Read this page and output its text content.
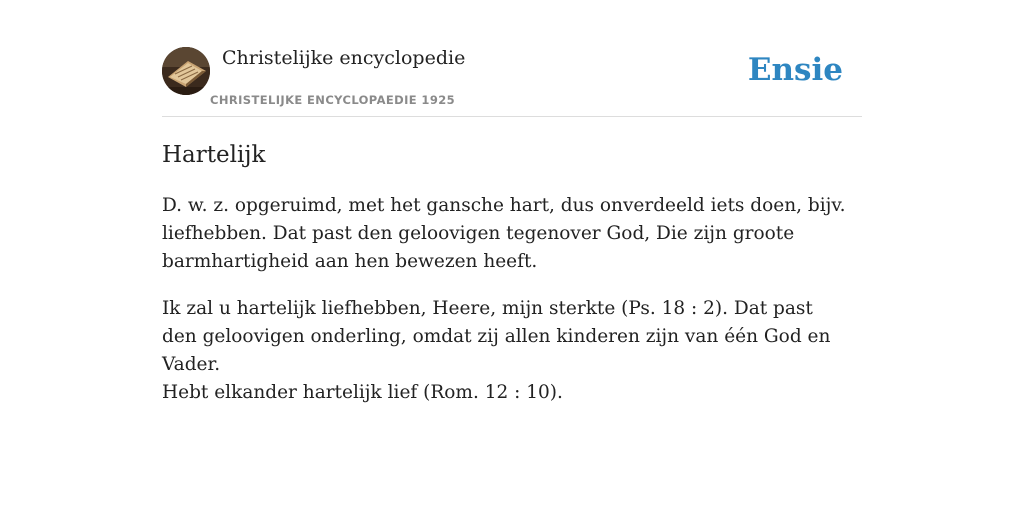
Christelijke encyclopedie
CHRISTELIJKE ENCYCLOPAEDIE 1925
Ensie
Hartelijk

D. w. z. opgeruimd, met het gansche hart, dus onverdeeld iets doen, bijv. liefhebben. Dat past den geloovigen tegenover God, Die zijn groote barmhartigheid aan hen bewezen heeft.

Ik zal u hartelijk liefhebben, Heere, mijn sterkte (Ps. 18 : 2). Dat past den geloovigen onderling, omdat zij allen kinderen zijn van één God en Vader.

Hebt elkander hartelijk lief (Rom. 12 : 10).
